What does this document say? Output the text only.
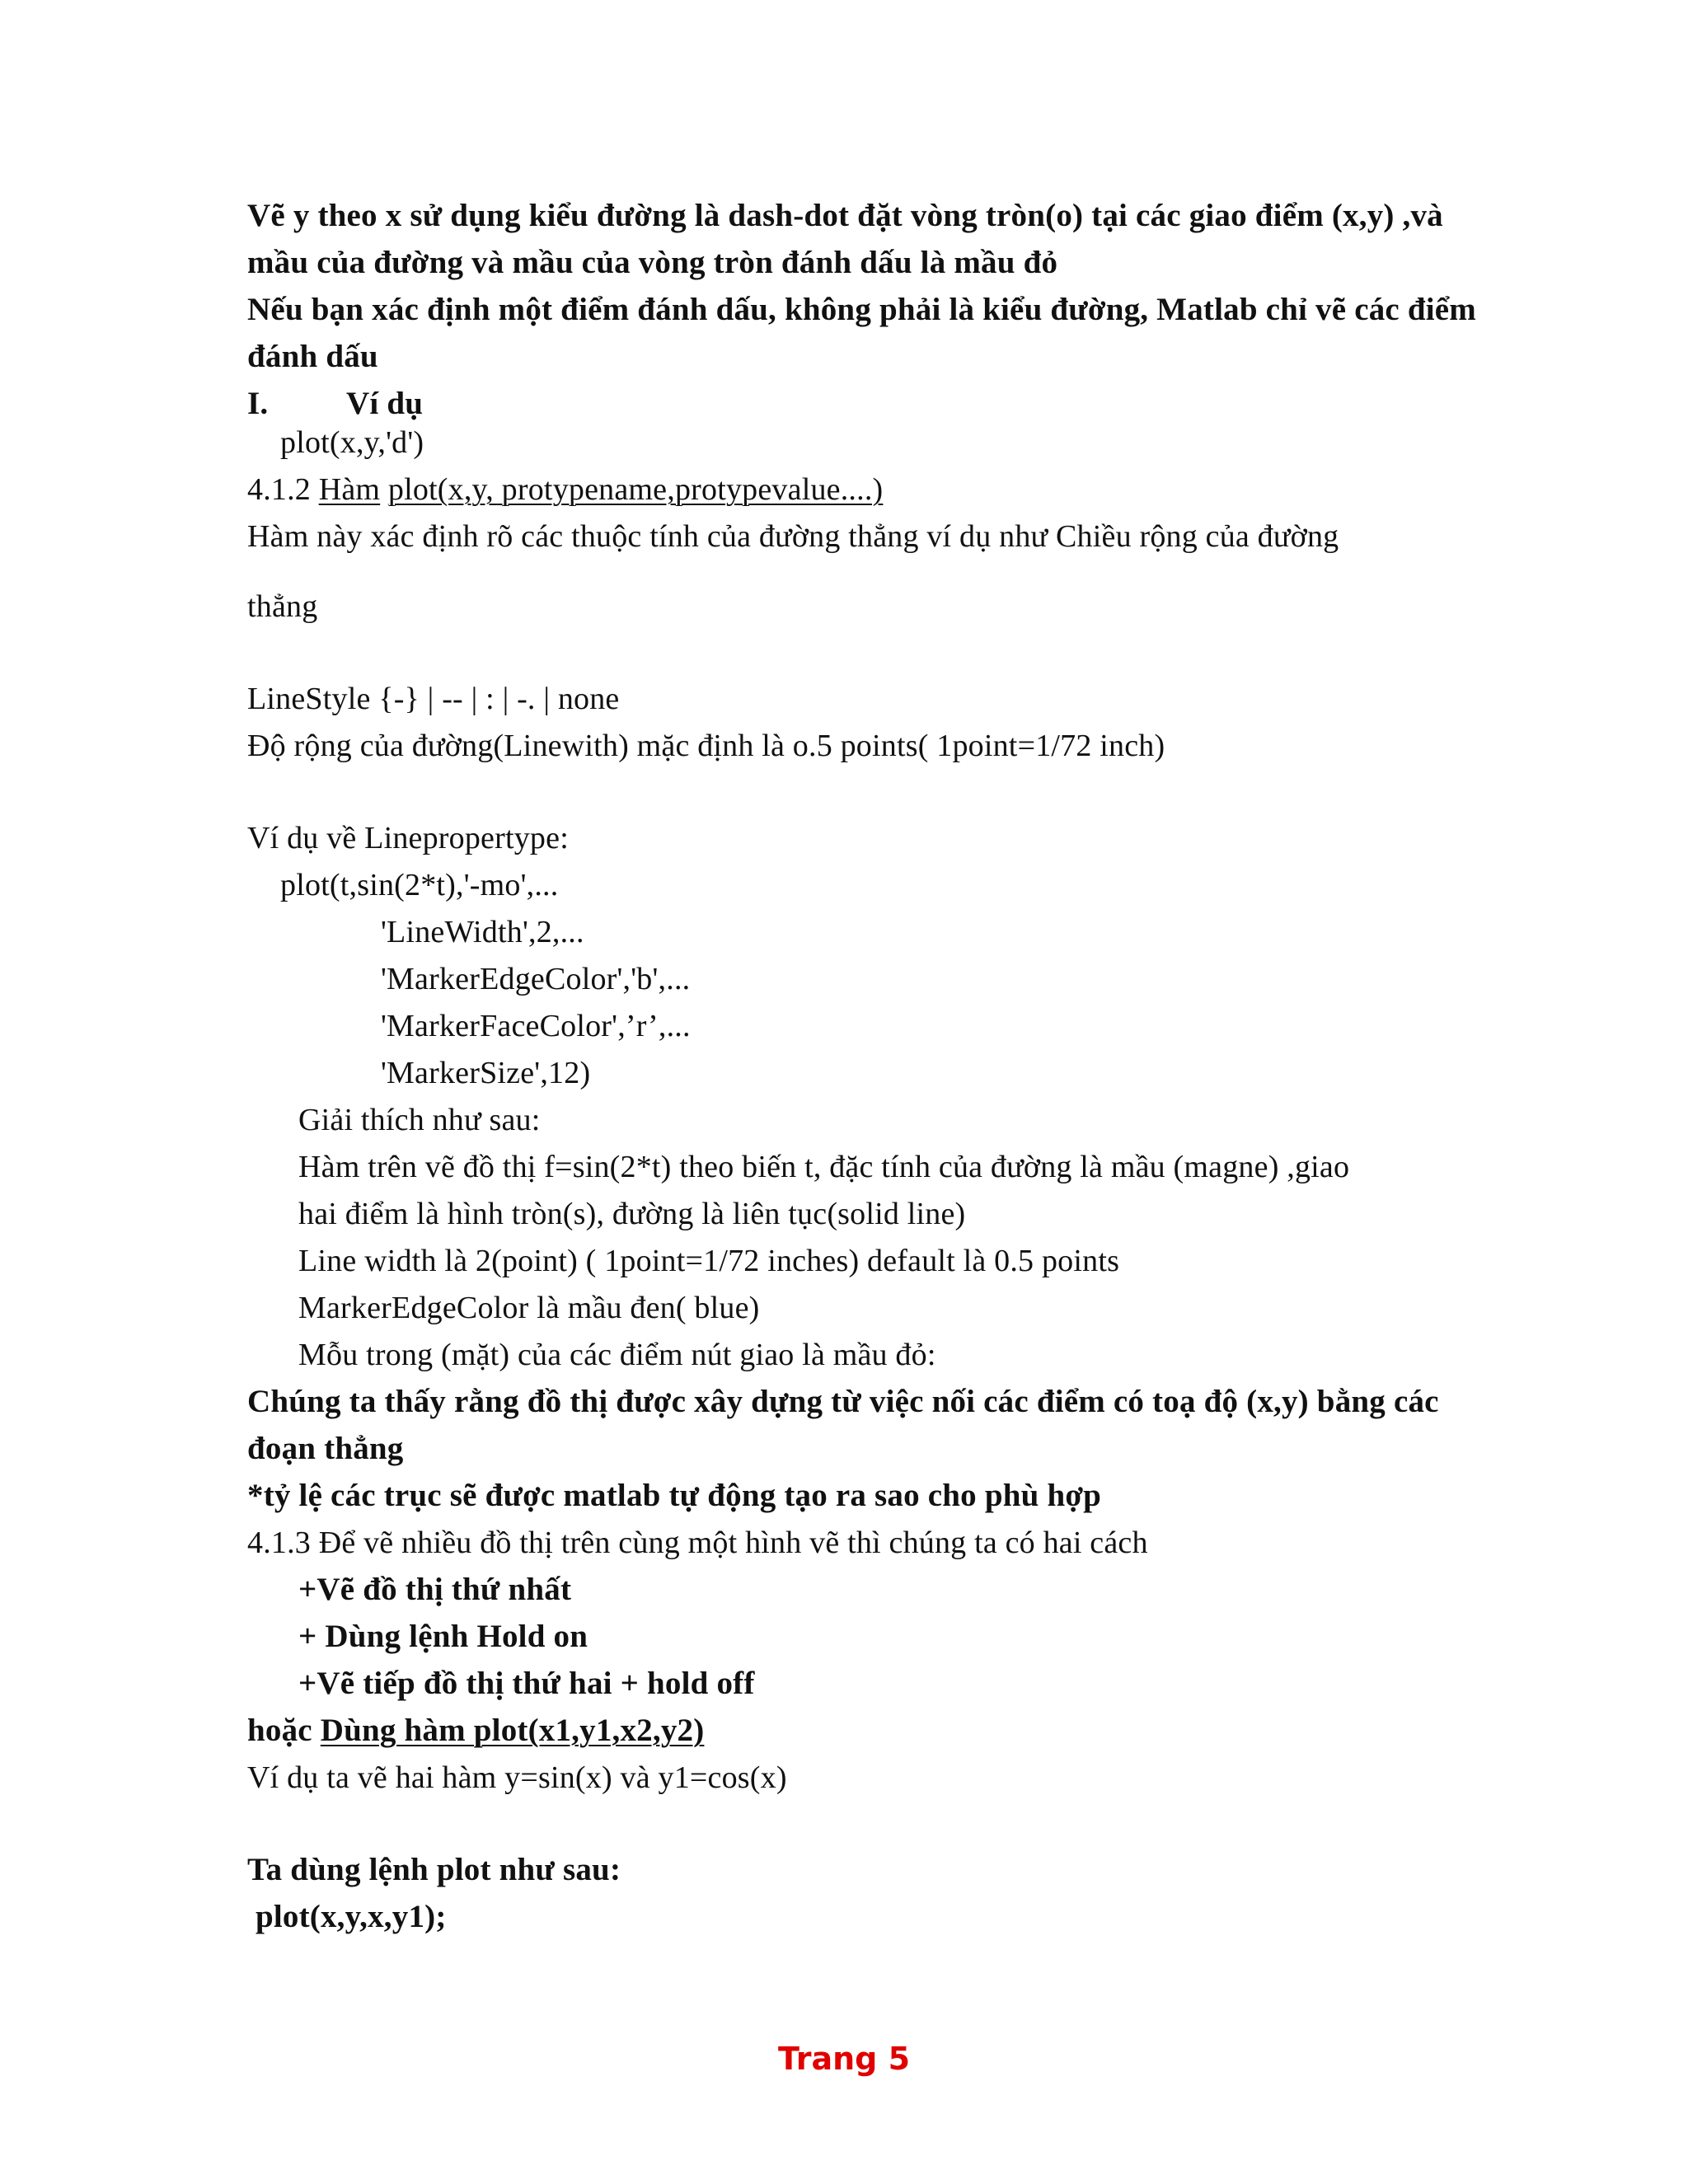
Vẽ y theo x sử dụng kiểu đường là dash-dot đặt vòng tròn(o) tại các giao điểm (x,y) ,và
mầu của đường và mầu của vòng tròn đánh dấu là mầu đỏ
Nếu bạn xác định một điểm đánh dấu, không phải là kiểu đường, Matlab chỉ vẽ các điểm
đánh dấu
I. Ví dụ
plot(x,y,'d')
4.1.2 Hàm plot(x,y, protypename,protypevalue....)
Hàm này xác định rõ các thuộc tính của đường thẳng ví dụ như Chiều rộng của đường
thẳng
LineStyle {-} | -- | : | -. | none
Độ rộng của đường(Linewith) mặc định là o.5 points( 1point=1/72 inch)
Ví dụ về Linepropertype:
plot(t,sin(2*t),'-mo',...
'LineWidth',2,...
'MarkerEdgeColor','b',...
'MarkerFaceColor',’r’,...
'MarkerSize',12)
Giải thích như sau:
Hàm trên vẽ đồ thị f=sin(2*t) theo biến t, đặc tính của đường là mầu (magne) ,giao
hai điểm là hình tròn(s), đường là liên tục(solid line)
Line width là 2(point) ( 1point=1/72 inches) default là 0.5 points
MarkerEdgeColor là mầu đen( blue)
Mỗu trong (mặt) của các điểm nút giao là mầu đỏ:
Chúng ta thấy rằng đồ thị được xây dựng từ việc nối các điểm có toạ độ (x,y) bằng các
đoạn thẳng
*tỷ lệ các trục sẽ được matlab tự động tạo ra sao cho phù hợp
4.1.3 Để vẽ nhiều đồ thị trên cùng một hình vẽ thì chúng ta có hai cách
+Vẽ đồ thị thứ nhất
+ Dùng lệnh Hold on
+Vẽ tiếp đồ thị thứ hai + hold off
hoặc Dùng hàm plot(x1,y1,x2,y2)
Ví dụ ta vẽ hai hàm y=sin(x) và y1=cos(x)
Ta dùng lệnh plot như sau:
plot(x,y,x,y1);
Trang 5
